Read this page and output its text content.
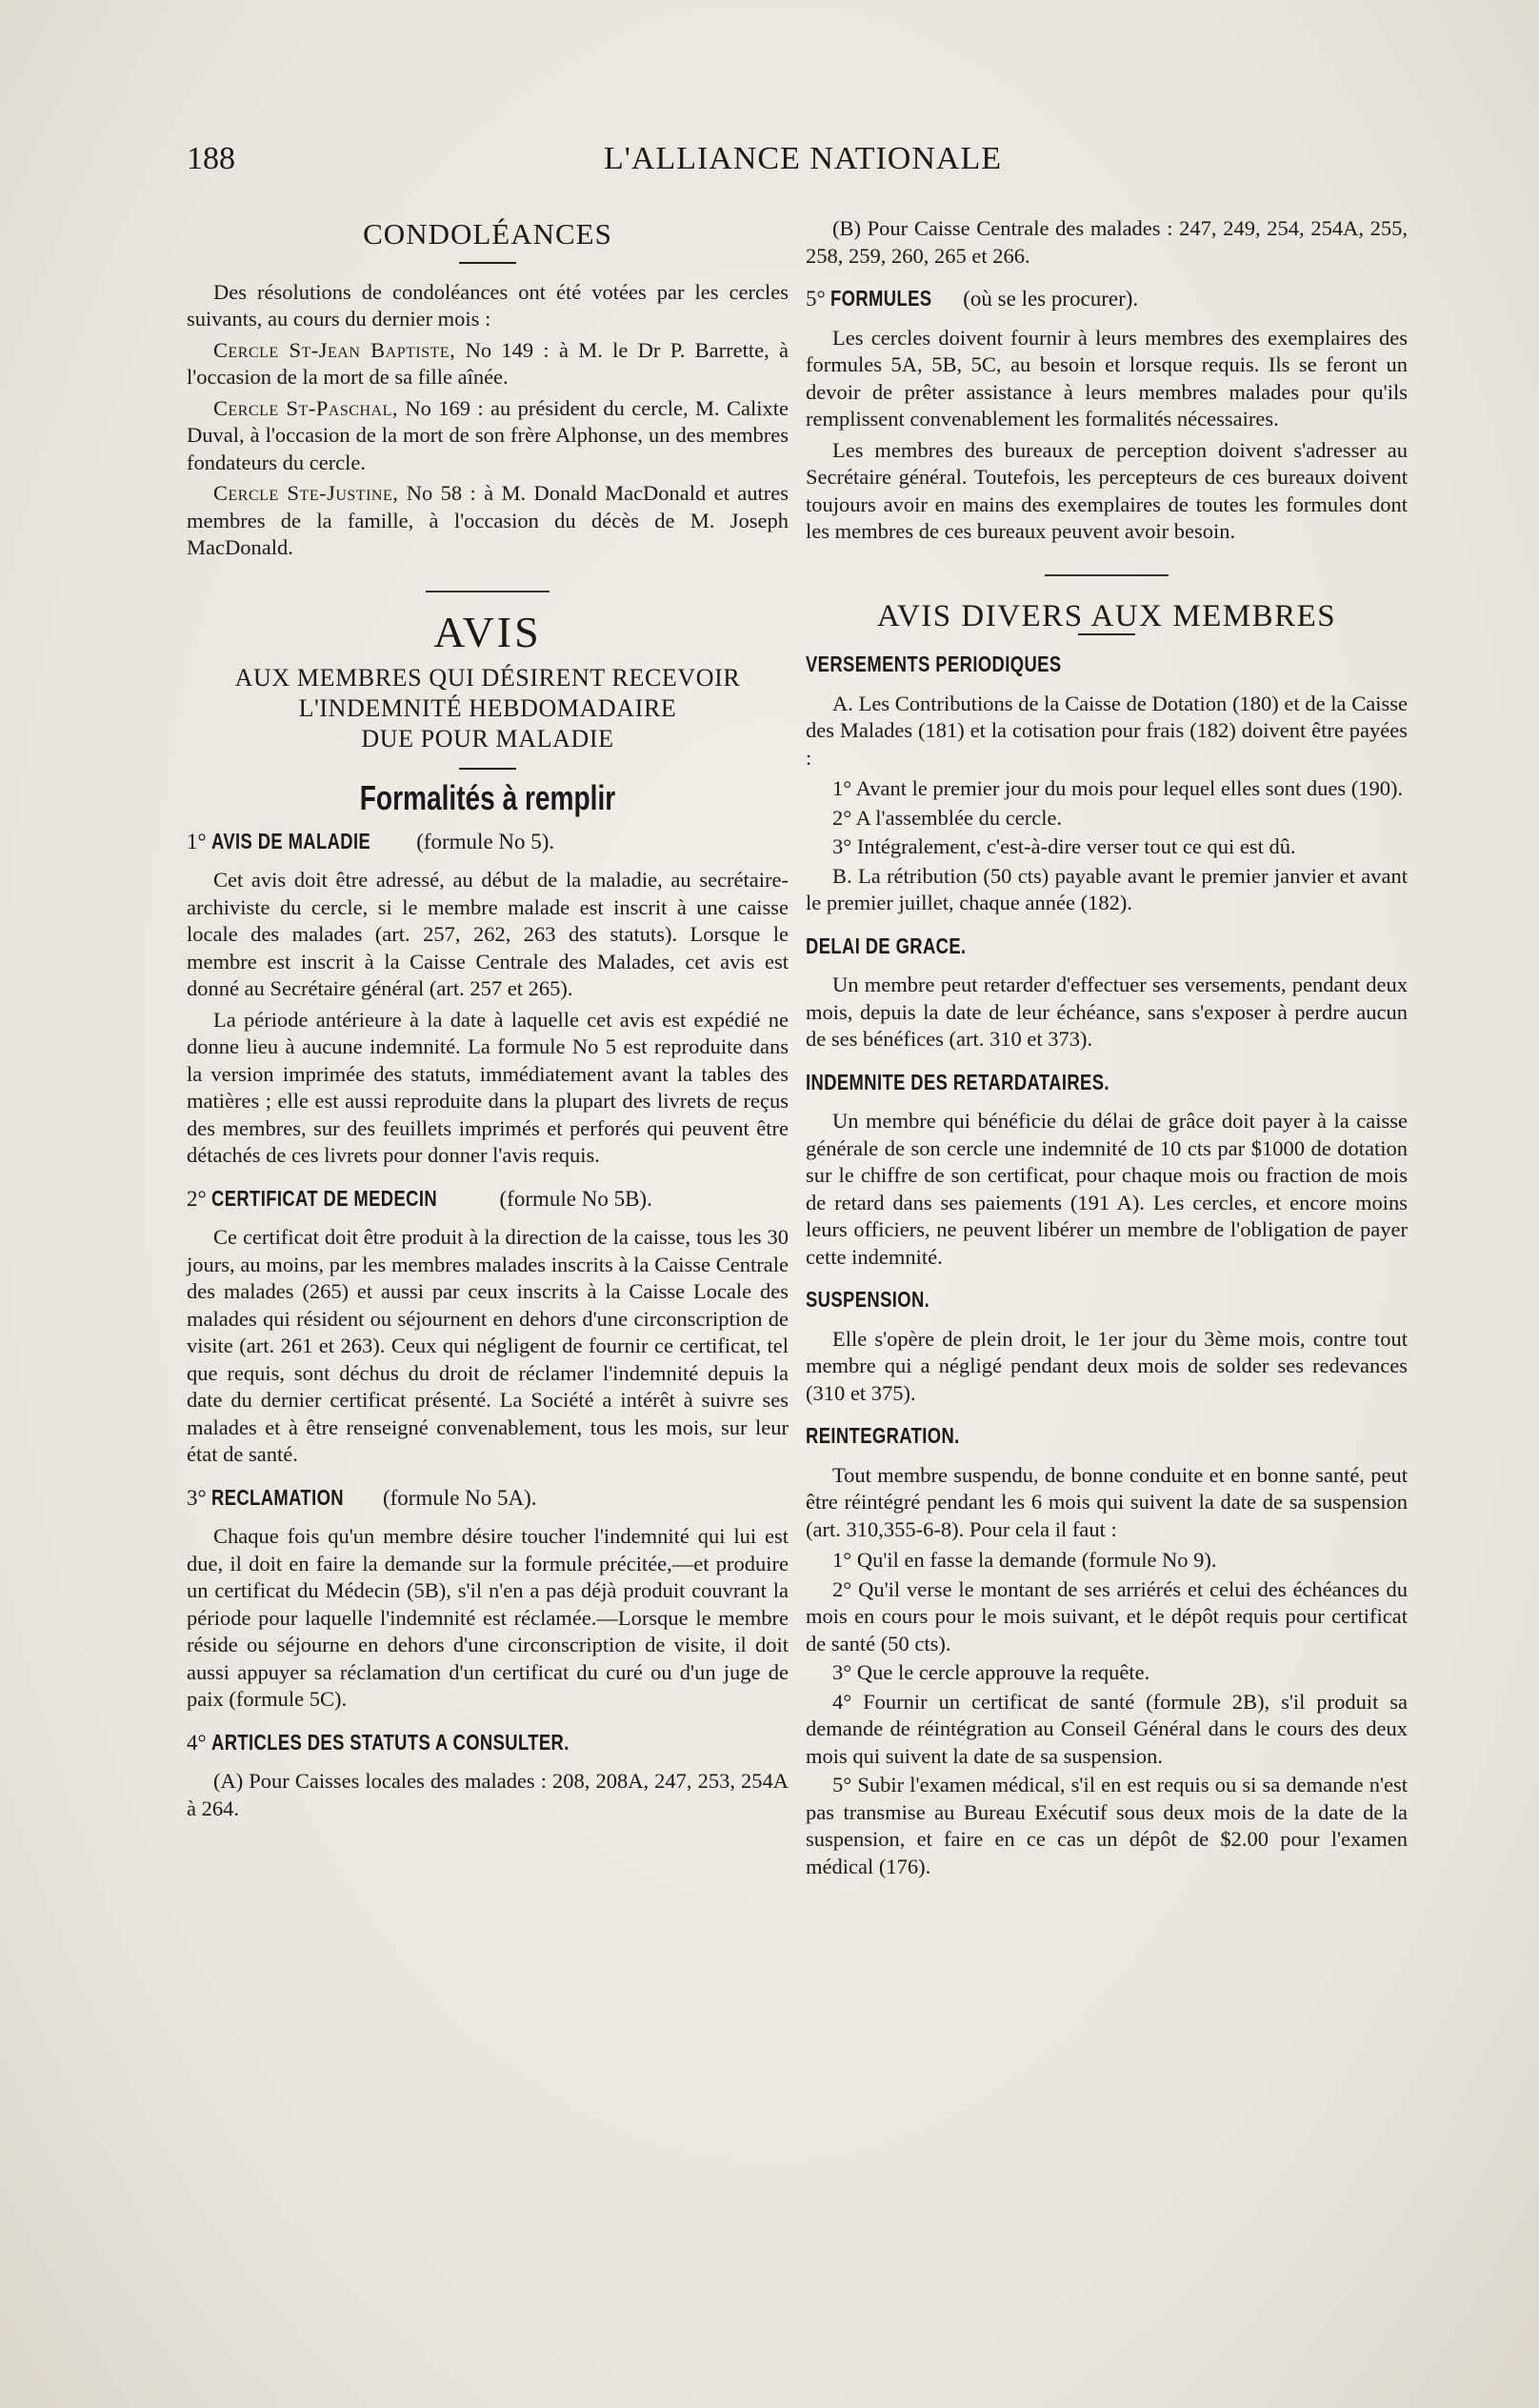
188	L'ALLIANCE NATIONALE
CONDOLÉANCES

Des résolutions de condoléances ont été votées par les cercles suivants, au cours du dernier mois :

Cercle St-Jean Baptiste, No 149 : à M. le Dr P. Barrette, à l'occasion de la mort de sa fille aînée.

Cercle St-Paschal, No 169 : au président du cercle, M. Calixte Duval, à l'occasion de la mort de son frère Alphonse, un des membres fondateurs du cercle.

Cercle Ste-Justine, No 58 : à M. Donald MacDonald et autres membres de la famille, à l'occasion du décès de M. Joseph MacDonald.

AVIS
AUX MEMBRES QUI DÉSIRENT RECEVOIR
L'INDEMNITÉ HEBDOMADAIRE
DUE POUR MALADIE
Formalités à remplir

1° AVIS DE MALADIE (formule No 5).

Cet avis doit être adressé, au début de la maladie, au secrétaire-archiviste du cercle, si le membre malade est inscrit à une caisse locale des malades (art. 257, 262, 263 des statuts). Lorsque le membre est inscrit à la Caisse Centrale des Malades, cet avis est donné au Secrétaire général (art. 257 et 265).

La période antérieure à la date à laquelle cet avis est expédié ne donne lieu à aucune indemnité. La formule No 5 est reproduite dans la version imprimée des statuts, immédiatement avant la tables des matières ; elle est aussi reproduite dans la plupart des livrets de reçus des membres, sur des feuillets imprimés et perforés qui peuvent être détachés de ces livrets pour donner l'avis requis.

2° CERTIFICAT DE MEDECIN	(formule No 5B).

Ce certificat doit être produit à la direction de la caisse, tous les 30 jours, au moins, par les membres malades inscrits à la Caisse Centrale des malades (265) et aussi par ceux inscrits à la Caisse Locale des malades qui résident ou séjournent en dehors d'une circonscription de visite (art. 261 et 263). Ceux qui négligent de fournir ce certificat, tel que requis, sont déchus du droit de réclamer l'indemnité depuis la date du dernier certificat présenté. La Société a intérêt à suivre ses malades et à être renseigné convenablement, tous les mois, sur leur état de santé.

3° RECLAMATION (formule No 5A).

Chaque fois qu'un membre désire toucher l'indemnité qui lui est due, il doit en faire la demande sur la formule précitée,—et produire un certificat du Médecin (5B), s'il n'en a pas déjà produit couvrant la période pour laquelle l'indemnité est réclamée.—Lorsque le membre réside ou séjourne en dehors d'une circonscription de visite, il doit aussi appuyer sa réclamation d'un certificat du curé ou d'un juge de paix (formule 5C).

4° ARTICLES DES STATUTS A CONSULTER.

(A) Pour Caisses locales des malades : 208, 208A, 247, 253, 254A à 264.

(B) Pour Caisse Centrale des malades : 247, 249, 254, 254A, 255, 258, 259, 260, 265 et 266.

5° FORMULES (où se les procurer).

Les cercles doivent fournir à leurs membres des exemplaires des formules 5A, 5B, 5C, au besoin et lorsque requis. Ils se feront un devoir de prêter assistance à leurs membres malades pour qu'ils remplissent convenablement les formalités nécessaires.

Les membres des bureaux de perception doivent s'adresser au Secrétaire général. Toutefois, les percepteurs de ces bureaux doivent toujours avoir en mains des exemplaires de toutes les formules dont les membres de ces bureaux peuvent avoir besoin.

AVIS DIVERS AUX MEMBRES

VERSEMENTS PERIODIQUES

A. Les Contributions de la Caisse de Dotation (180) et de la Caisse des Malades (181) et la cotisation pour frais (182) doivent être payées :

1° Avant le premier jour du mois pour lequel elles sont dues (190).

2° A l'assemblée du cercle.

3° Intégralement, c'est-à-dire verser tout ce qui est dû.

B. La rétribution (50 cts) payable avant le premier janvier et avant le premier juillet, chaque année (182).

DELAI DE GRACE.

Un membre peut retarder d'effectuer ses versements, pendant deux mois, depuis la date de leur échéance, sans s'exposer à perdre aucun de ses bénéfices (art. 310 et 373).

INDEMNITE DES RETARDATAIRES.

Un membre qui bénéficie du délai de grâce doit payer à la caisse générale de son cercle une indemnité de 10 cts par $1000 de dotation sur le chiffre de son certificat, pour chaque mois ou fraction de mois de retard dans ses paiements (191 A). Les cercles, et encore moins leurs officiers, ne peuvent libérer un membre de l'obligation de payer cette indemnité.

SUSPENSION.

Elle s'opère de plein droit, le 1er jour du 3ème mois, contre tout membre qui a négligé pendant deux mois de solder ses redevances (310 et 375).

REINTEGRATION.

Tout membre suspendu, de bonne conduite et en bonne santé, peut être réintégré pendant les 6 mois qui suivent la date de sa suspension (art. 310,355-6-8). Pour cela il faut :

1° Qu'il en fasse la demande (formule No 9).

2° Qu'il verse le montant de ses arriérés et celui des échéances du mois en cours pour le mois suivant, et le dépôt requis pour certificat de santé (50 cts).

3° Que le cercle approuve la requête.

4° Fournir un certificat de santé (formule 2B), s'il produit sa demande de réintégration au Conseil Général dans le cours des deux mois qui suivent la date de sa suspension.

5° Subir l'examen médical, s'il en est requis ou si sa demande n'est pas transmise au Bureau Exécutif sous deux mois de la date de la suspension, et faire en ce cas un dépôt de $2.00 pour l'examen médical (176).
